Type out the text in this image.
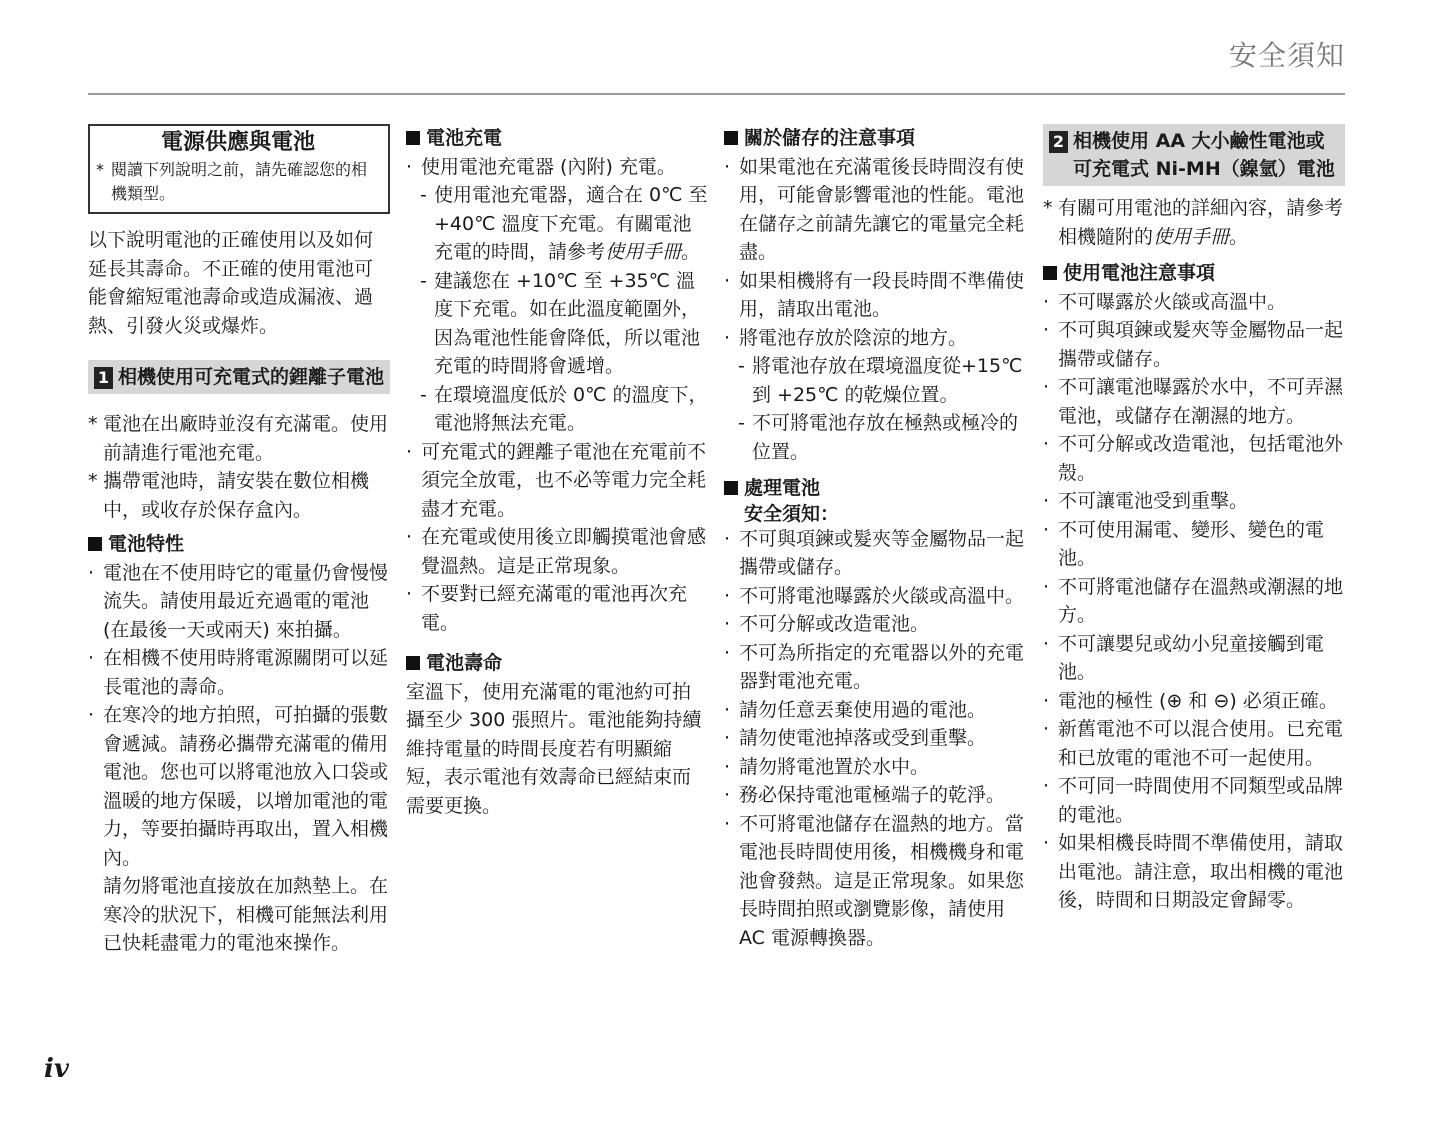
安全須知
電源供應與電池
* 閱讀下列說明之前，請先確認您的相機類型。
以下說明電池的正確使用以及如何延長其壽命。不正確的使用電池可能會縮短電池壽命或造成漏液、過熱、引發火災或爆炸。
1 相機使用可充電式的鋰離子電池
* 電池在出廠時並沒有充滿電。使用前請進行電池充電。
* 攜帶電池時，請安裝在數位相機中，或收存於保存盒內。
電池特性
· 電池在不使用時它的電量仍會慢慢流失。請使用最近充過電的電池 (在最後一天或兩天) 來拍攝。
· 在相機不使用時將電源關閉可以延長電池的壽命。
· 在寒冷的地方拍照，可拍攝的張數會遞減。請務必攜帶充滿電的備用電池。您也可以將電池放入口袋或溫暖的地方保暖，以增加電池的電力，等要拍攝時再取出，置入相機內。
請勿將電池直接放在加熱墊上。在寒冷的狀況下，相機可能無法利用已快耗盡電力的電池來操作。
電池充電
· 使用電池充電器 (內附) 充電。
- 使用電池充電器，適合在 0℃ 至 +40℃ 溫度下充電。有關電池充電的時間，請參考使用手冊。
- 建議您在 +10℃ 至 +35℃ 溫度下充電。如在此溫度範圍外，因為電池性能會降低，所以電池充電的時間將會遞增。
- 在環境溫度低於 0℃ 的溫度下，電池將無法充電。
· 可充電式的鋰離子電池在充電前不須完全放電，也不必等電力完全耗盡才充電。
· 在充電或使用後立即觸摸電池會感覺溫熱。這是正常現象。
· 不要對已經充滿電的電池再次充電。
電池壽命
室溫下，使用充滿電的電池約可拍攝至少 300 張照片。電池能夠持續維持電量的時間長度若有明顯縮短，表示電池有效壽命已經結束而需要更換。
關於儲存的注意事項
· 如果電池在充滿電後長時間沒有使用，可能會影響電池的性能。電池在儲存之前請先讓它的電量完全耗盡。
· 如果相機將有一段長時間不準備使用，請取出電池。
· 將電池存放於陰涼的地方。
- 將電池存放在環境溫度從+15℃ 到 +25℃ 的乾燥位置。
- 不可將電池存放在極熱或極冷的位置。
處理電池
安全須知：
· 不可與項鍊或髮夾等金屬物品一起攜帶或儲存。
· 不可將電池曝露於火燄或高溫中。
· 不可分解或改造電池。
· 不可為所指定的充電器以外的充電器對電池充電。
· 請勿任意丟棄使用過的電池。
· 請勿使電池掉落或受到重擊。
· 請勿將電池置於水中。
· 務必保持電池電極端子的乾淨。
· 不可將電池儲存在溫熱的地方。當電池長時間使用後，相機機身和電池會發熱。這是正常現象。如果您長時間拍照或瀏覽影像，請使用 AC 電源轉換器。
2 相機使用 AA 大小鹼性電池或可充電式 Ni-MH（鎳氫）電池
* 有關可用電池的詳細內容，請參考相機隨附的使用手冊。
使用電池注意事項
· 不可曝露於火燄或高溫中。
· 不可與項鍊或髮夾等金屬物品一起攜帶或儲存。
· 不可讓電池曝露於水中，不可弄濕電池，或儲存在潮濕的地方。
· 不可分解或改造電池，包括電池外殼。
· 不可讓電池受到重擊。
· 不可使用漏電、變形、變色的電池。
· 不可將電池儲存在溫熱或潮濕的地方。
· 不可讓嬰兒或幼小兒童接觸到電池。
· 電池的極性 (⊕ 和 ⊖) 必須正確。
· 新舊電池不可以混合使用。已充電和已放電的電池不可一起使用。
· 不可同一時間使用不同類型或品牌的電池。
· 如果相機長時間不準備使用，請取出電池。請注意，取出相機的電池後，時間和日期設定會歸零。
iv
